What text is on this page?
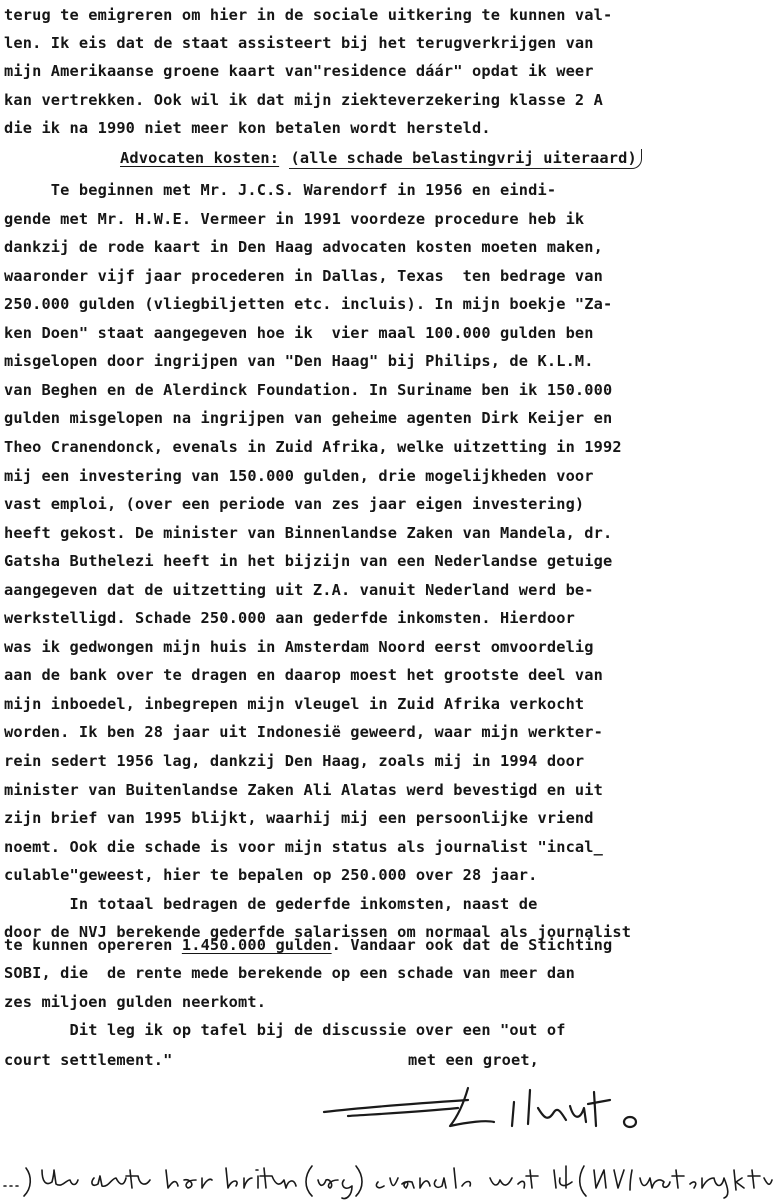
terug te emigreren om hier in de sociale uitkering te kunnen val-
len. Ik eis dat de staat assisteert bij het terugverkrijgen van
mijn Amerikaanse groene kaart van"residence dáár" opdat ik weer
kan vertrekken. Ook wil ik dat mijn ziekteverzekering klasse 2 A
die ik na 1990 niet meer kon betalen wordt hersteld.
Advocaten kosten: (alle schade belastingvrij uiteraard)
Te beginnen met Mr. J.C.S. Warendorf in 1956 en eindi-
gende met Mr. H.W.E. Vermeer in 1991 voordeze procedure heb ik
dankzij de rode kaart in Den Haag advocaten kosten moeten maken,
waaronder vijf jaar procederen in Dallas, Texas  ten bedrage van
250.000 gulden (vliegbiljetten etc. incluis). In mijn boekje "Za-
ken Doen" staat aangegeven hoe ik  vier maal 100.000 gulden ben
misgelopen door ingrijpen van "Den Haag" bij Philips, de K.L.M.
van Beghen en de Alerdinck Foundation. In Suriname ben ik 150.000
gulden misgelopen na ingrijpen van geheime agenten Dirk Keijer en
Theo Cranendonck, evenals in Zuid Afrika, welke uitzetting in 1992
mij een investering van 150.000 gulden, drie mogelijkheden voor
vast emploi, (over een periode van zes jaar eigen investering)
heeft gekost. De minister van Binnenlandse Zaken van Mandela, dr.
Gatsha Buthelezi heeft in het bijzijn van een Nederlandse getuige
aangegeven dat de uitzetting uit Z.A. vanuit Nederland werd be-
werkstelligd. Schade 250.000 aan gederfde inkomsten. Hierdoor
was ik gedwongen mijn huis in Amsterdam Noord eerst omvoordelig
aan de bank over te dragen en daarop moest het grootste deel van
mijn inboedel, inbegrepen mijn vleugel in Zuid Afrika verkocht
worden. Ik ben 28 jaar uit Indonesië geweerd, waar mijn werkter-
rein sedert 1956 lag, dankzij Den Haag, zoals mij in 1994 door
minister van Buitenlandse Zaken Ali Alatas werd bevestigd en uit
zijn brief van 1995 blijkt, waarhij mij een persoonlijke vriend
noemt. Ook die schade is voor mijn status als journalist "incal_
culable"geweest, hier te bepalen op 250.000 over 28 jaar.
In totaal bedragen de gederfde inkomsten, naast de
door de NVJ berekende gederfde salarissen om normaal als journalist
te kunnen opereren 1.450.000 gulden. Vandaar ook dat de Stichting
SOBI, die  de rente mede berekende op een schade van meer dan
zes miljoen gulden neerkomt.
Dit leg ik op tafel bij de discussie over een "out of
court settlement."	met een groet,
